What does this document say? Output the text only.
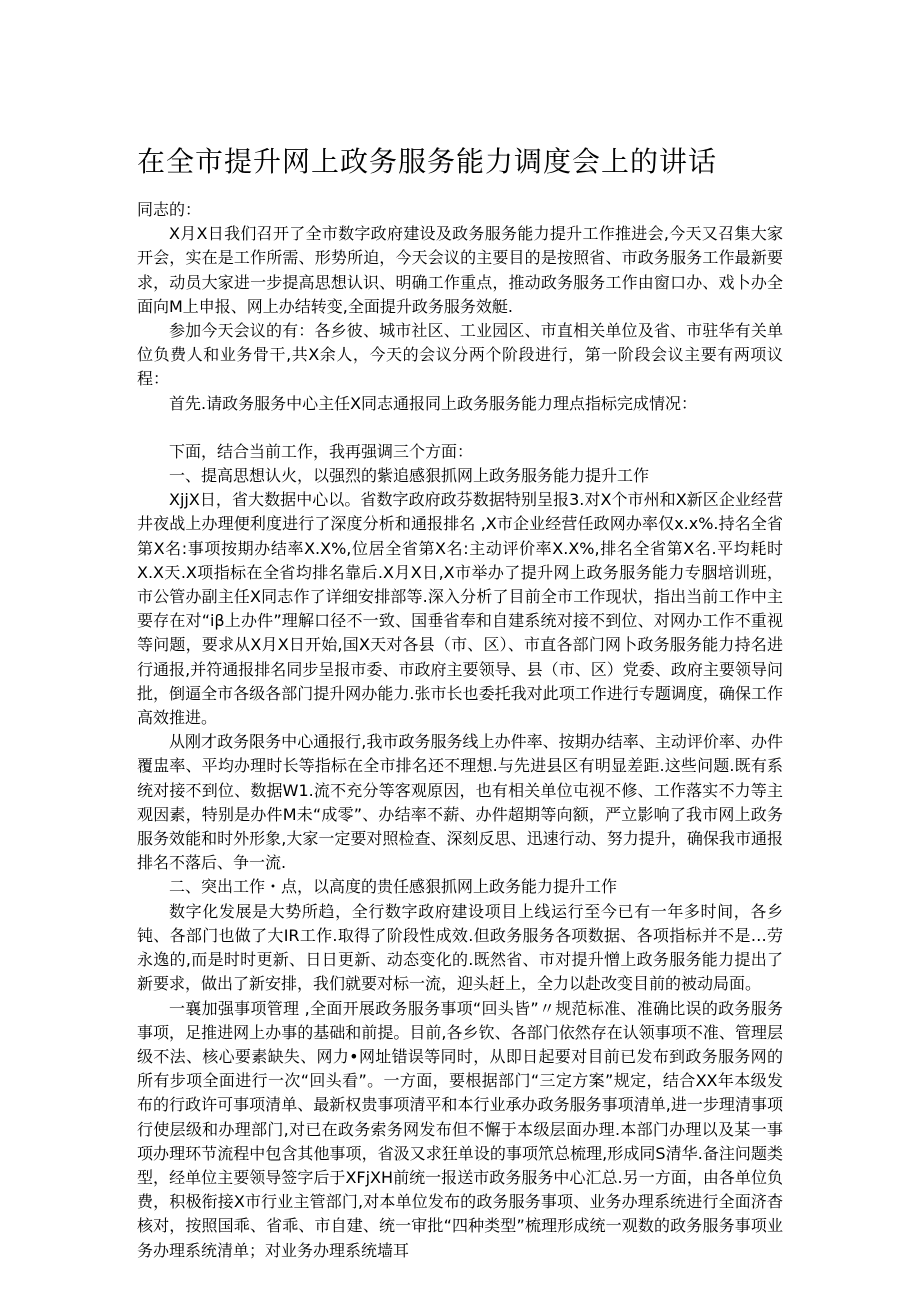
在全市提升网上政务服务能力调度会上的讲话

同志的：

X月X日我们召开了全市数字政府建设及政务服务能力提升工作推进会,今天又召集大家开会，实在是工作所需、形势所迫，今天会议的主要目的是按照省、市政务服务工作最新要求，动员大家进一步提高思想认识、明确工作重点，推动政务服务工作由窗口办、戏卜办全面向M上申报、网上办结转变,全面提升政务服务效艇.

参加今天会议的有：各乡彼、城市社区、工业园区、市直相关单位及省、市驻华有关单位负费人和业务骨干,共X余人，今天的会议分两个阶段进行，第一阶段会议主要有两项议程：

首先.请政务服务中心主任X同志通报同上政务服务能力理点指标完成情况：

下面，结合当前工作，我再强调三个方面：

一、提高思想认火，以强烈的紫追感狠抓网上政务服务能力提升工作

XjjX日，省大数据中心以。省数字政府政芬数据特别呈报3.对X个市州和X新区企业经营井夜战上办理便利度进行了深度分析和通报排名 ,X市企业经营任政网办率仅x.x%.持名全省第X名:事项按期办结率X.X%,位居全省第X名:主动评价率X.X%,排名全省第X名.平均耗时X.X天.X项指标在全省均排名靠后.X月X日,X市举办了提升网上政务服务能力专胭培训班，市公管办副主任X同志作了详细安排部等.深入分析了目前全市工作现状，指出当前工作中主要存在对“iβ上办件”理解口径不一致、国垂省奉和自建系统对接不到位、对网办工作不重视等问题，要求从X月X日开始,国X天对各县（市、区）、市直各部门网卜政务服务能力持名进行通报,并符通报排名同步呈报市委、市政府主要领导、县（市、区）党委、政府主要领导问批，倒逼全市各级各部门提升网办能力.张市长也委托我对此项工作进行专题调度，确保工作高效推进。

从刚才政务限务中心通报行,我市政务服务线上办件率、按期办结率、主动评价率、办件覆盅率、平均办理时长等指标在全市排名还不理想.与先进县区有明显差距.这些问题.既有系统对接不到位、数据W1.流不充分等客观原因，也有相关单位屯视不修、工作落实不力等主观因素，特别是办件M未“成零”、办结率不薪、办件超期等向额，严立影响了我市网上政务服务效能和时外形象,大家一定要对照检查、深刻反思、迅速行动、努力提升，确保我市通报排名不落后、争一流.

二、突出工作・点，以高度的贵任感狠抓网上政务能力提升工作

数字化发展是大势所趋，全行数字政府建设项目上线运行至今已有一年多时间，各乡钝、各部门也做了大IR工作.取得了阶段性成效.但政务服务各项数据、各项指标并不是…劳永逸的,而是时时更新、日日更新、动态变化的.既然省、市对提升憎上政务服务能力提出了新要求，做出了新安排，我们就要对标一流，迎头赶上，全力以赴改变目前的被动局面。

一襄加强事项管理 ,全面开展政务服务事项“回头皆”〃规范标准、准确比误的政务服务事项，足推进网上办事的基础和前提。目前,各乡钦、各部门依然存在认领事项不准、管理层级不法、核心要素缺失、网力•网址错误等同时，从即日起要对目前已发布到政务服务网的所有步项全面进行一次“回头看”。一方面，要根据部门“三定方案”规定，结合XX年本级发布的行政许可事项清单、最新权贵事项清平和本行业承办政务服务事项清单,进一步理清事项行使层级和办理部门,对已在政务索务网发布但不懈于本级层面办理.本部门办理以及某一事项办理环节流程中包含其他事项，省汲又求狂单设的事项笊总梳理,形成同S清华.备注问题类型，经单位主要领导签字后于XFjXH前统一报送市政务服务中心汇总.另一方面，由各单位负费，积极衔接X市行业主管部门,对本单位发布的政务服务事项、业务办理系统进行全面济杳核对，按照国乖、省乖、市自建、统一审批“四种类型”梳理形成统一观数的政务服务事项业务办理系统清单；对业务办理系统墙耳
